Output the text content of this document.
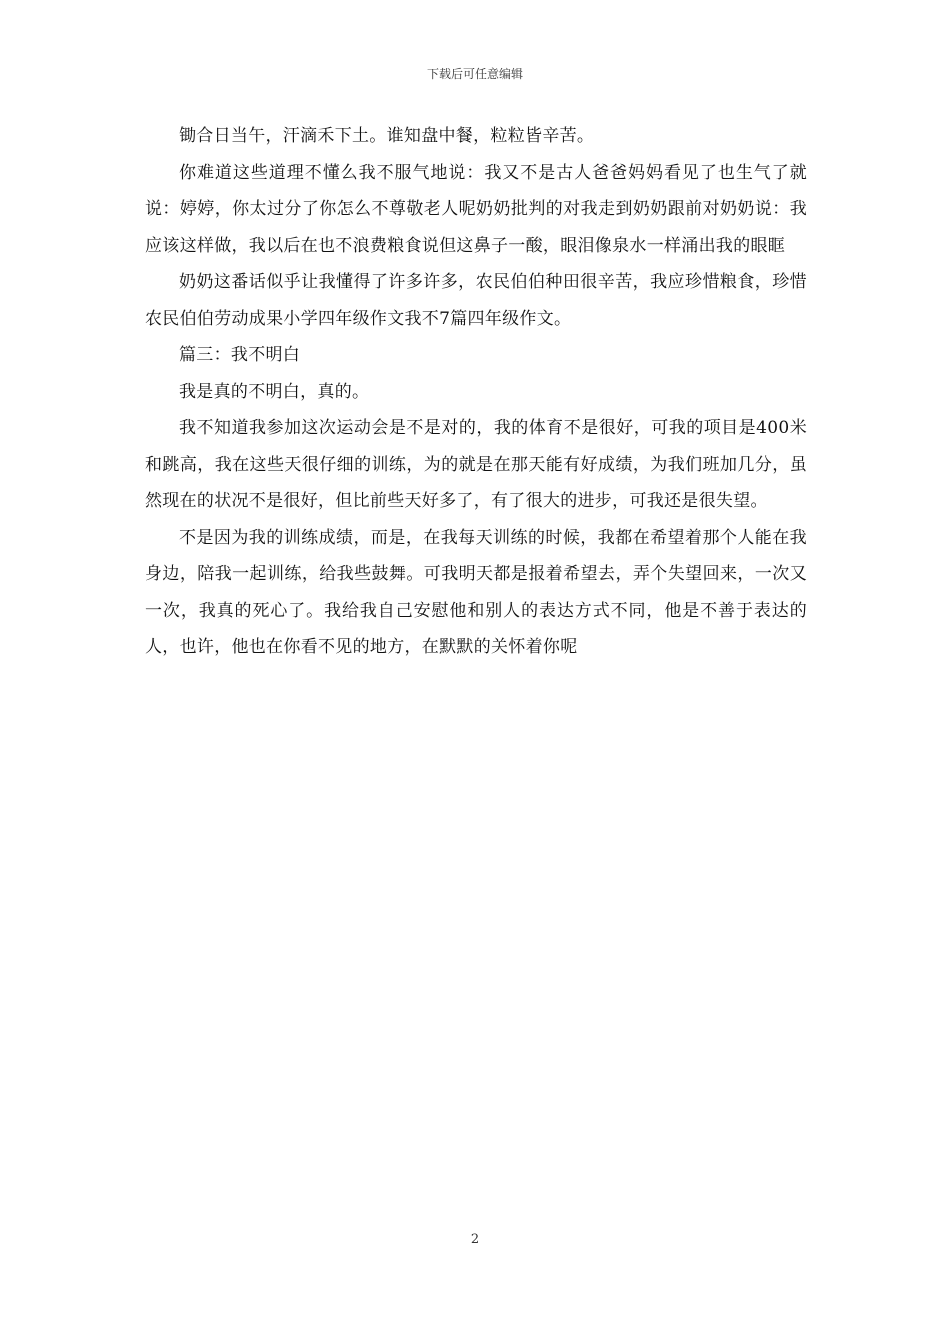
下载后可任意编辑

锄合日当午，汗滴禾下土。谁知盘中餐，粒粒皆辛苦。

你难道这些道理不懂么我不服气地说：我又不是古人爸爸妈妈看见了也生气了就说：婷婷，你太过分了你怎么不尊敬老人呢奶奶批判的对我走到奶奶跟前对奶奶说：我应该这样做，我以后在也不浪费粮食说但这鼻子一酸，眼泪像泉水一样涌出我的眼眶

奶奶这番话似乎让我懂得了许多许多，农民伯伯种田很辛苦，我应珍惜粮食，珍惜农民伯伯劳动成果小学四年级作文我不7篇四年级作文。

篇三：我不明白

我是真的不明白，真的。

我不知道我参加这次运动会是不是对的，我的体育不是很好，可我的项目是400米和跳高，我在这些天很仔细的训练，为的就是在那天能有好成绩，为我们班加几分，虽然现在的状况不是很好，但比前些天好多了，有了很大的进步，可我还是很失望。

不是因为我的训练成绩，而是，在我每天训练的时候，我都在希望着那个人能在我身边，陪我一起训练，给我些鼓舞。可我明天都是报着希望去，弄个失望回来，一次又一次，我真的死心了。我给我自己安慰他和别人的表达方式不同，他是不善于表达的人，也许，他也在你看不见的地方，在默默的关怀着你呢

2
